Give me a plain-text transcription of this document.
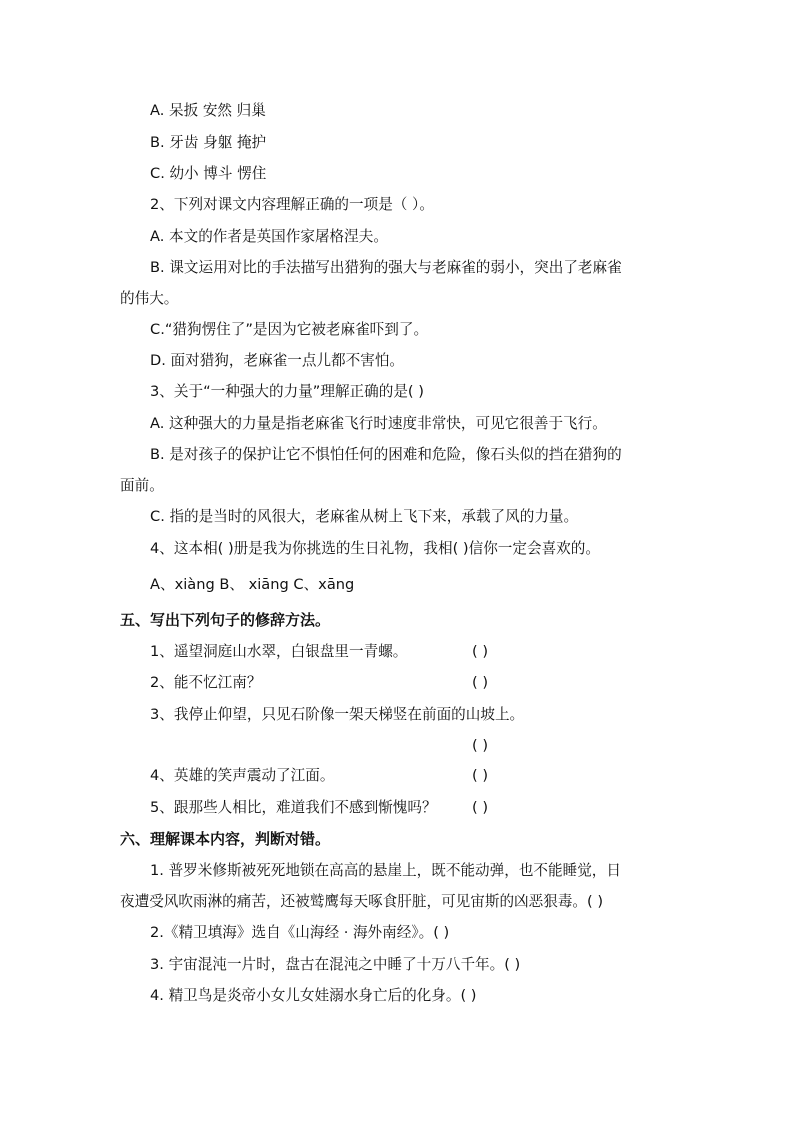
A. 呆扳 安然 归巢
B. 牙齿 身躯 掩护
C. 幼小 博斗 愣住
2、下列对课文内容理解正确的一项是（ ）。
A. 本文的作者是英国作家屠格涅夫。
B. 课文运用对比的手法描写出猎狗的强大与老麻雀的弱小，突出了老麻雀
的伟大。
C.“猎狗愣住了”是因为它被老麻雀吓到了。
D. 面对猎狗，老麻雀一点儿都不害怕。
3、关于“一种强大的力量”理解正确的是( )
A. 这种强大的力量是指老麻雀飞行时速度非常快，可见它很善于飞行。
B. 是对孩子的保护让它不惧怕任何的困难和危险，像石头似的挡在猎狗的
面前。
C. 指的是当时的风很大，老麻雀从树上飞下来，承载了风的力量。
4、这本相( )册是我为你挑选的生日礼物，我相( )信你一定会喜欢的。
A、xiàng B、 xiāng C、xāng
五、写出下列句子的修辞方法。
1、遥望洞庭山水翠，白银盘里一青螺。	( )
2、能不忆江南？	( )
3、我停止仰望，只见石阶像一架天梯竖在前面的山坡上。
( )
4、英雄的笑声震动了江面。	( )
5、跟那些人相比，难道我们不感到惭愧吗？ ( )
六、理解课本内容，判断对错。
1. 普罗米修斯被死死地锁在高高的悬崖上，既不能动弹，也不能睡觉，日
夜遭受风吹雨淋的痛苦，还被鹫鹰每天啄食肝脏，可见宙斯的凶恶狠毒。( )
2.《精卫填海》选自《山海经 · 海外南经》。( )
3. 宇宙混沌一片时，盘古在混沌之中睡了十万八千年。( )
4. 精卫鸟是炎帝小女儿女娃溺水身亡后的化身。( )
